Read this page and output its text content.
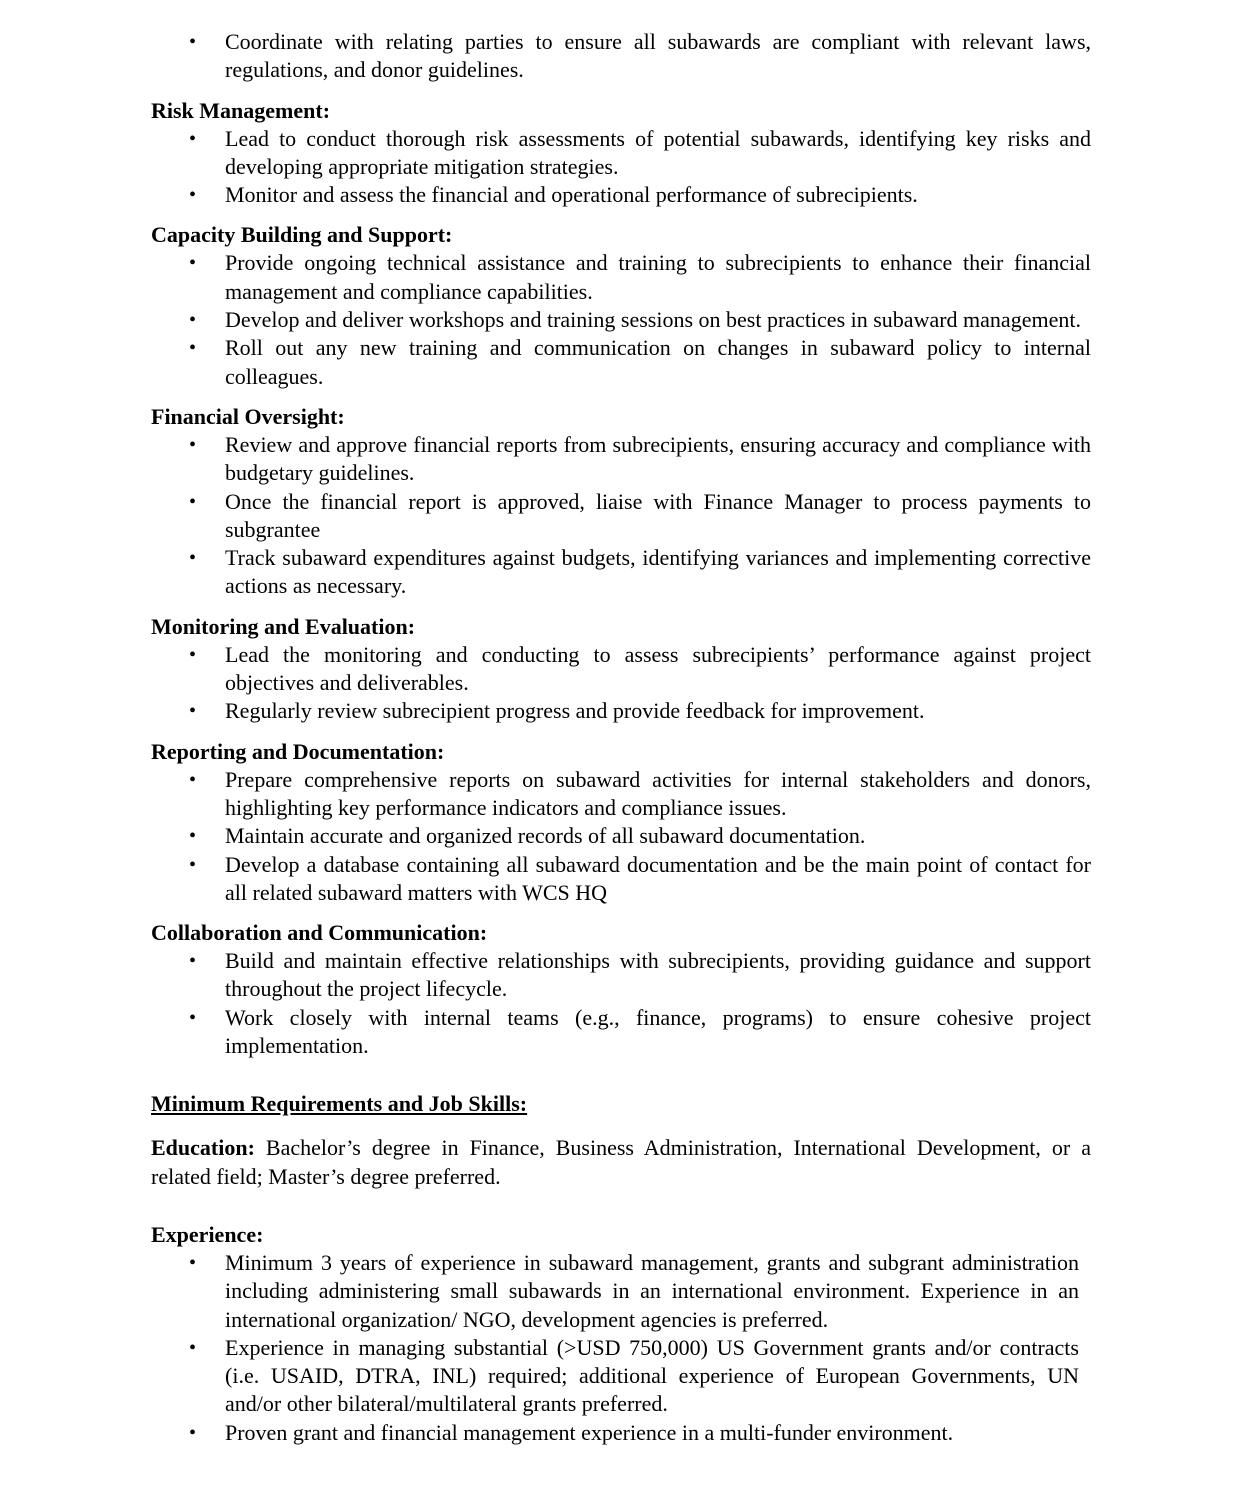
• Coordinate with relating parties to ensure all subawards are compliant with relevant laws, regulations, and donor guidelines.
Risk Management:
• Lead to conduct thorough risk assessments of potential subawards, identifying key risks and developing appropriate mitigation strategies.
• Monitor and assess the financial and operational performance of subrecipients.
Capacity Building and Support:
• Provide ongoing technical assistance and training to subrecipients to enhance their financial management and compliance capabilities.
• Develop and deliver workshops and training sessions on best practices in subaward management.
• Roll out any new training and communication on changes in subaward policy to internal colleagues.
Financial Oversight:
• Review and approve financial reports from subrecipients, ensuring accuracy and compliance with budgetary guidelines.
• Once the financial report is approved, liaise with Finance Manager to process payments to subgrantee
• Track subaward expenditures against budgets, identifying variances and implementing corrective actions as necessary.
Monitoring and Evaluation:
• Lead the monitoring and conducting to assess subrecipients’ performance against project objectives and deliverables.
• Regularly review subrecipient progress and provide feedback for improvement.
Reporting and Documentation:
• Prepare comprehensive reports on subaward activities for internal stakeholders and donors, highlighting key performance indicators and compliance issues.
• Maintain accurate and organized records of all subaward documentation.
• Develop a database containing all subaward documentation and be the main point of contact for all related subaward matters with WCS HQ
Collaboration and Communication:
• Build and maintain effective relationships with subrecipients, providing guidance and support throughout the project lifecycle.
• Work closely with internal teams (e.g., finance, programs) to ensure cohesive project implementation.
Minimum Requirements and Job Skills:
Education: Bachelor’s degree in Finance, Business Administration, International Development, or a related field; Master’s degree preferred.
Experience:
• Minimum 3 years of experience in subaward management, grants and subgrant administration including administering small subawards in an international environment. Experience in an international organization/ NGO, development agencies is preferred.
• Experience in managing substantial (>USD 750,000) US Government grants and/or contracts (i.e. USAID, DTRA, INL) required; additional experience of European Governments, UN and/or other bilateral/multilateral grants preferred.
• Proven grant and financial management experience in a multi-funder environment.
